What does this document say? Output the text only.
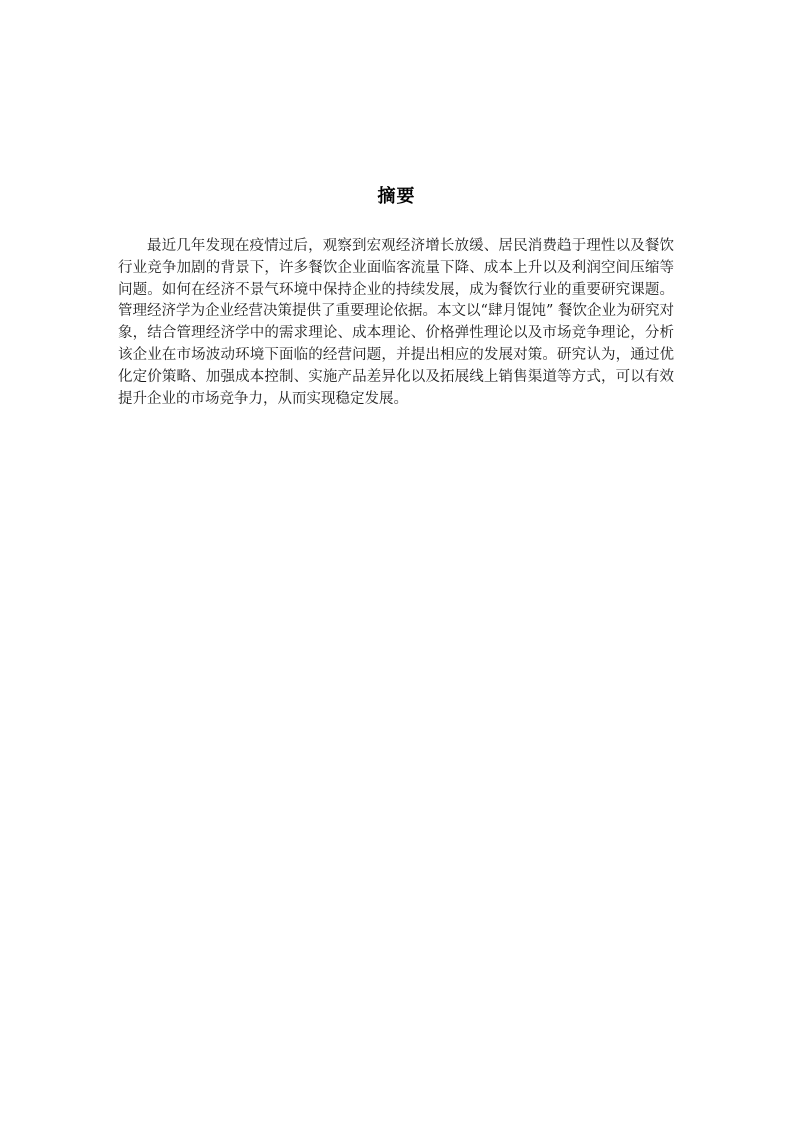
摘要

最近几年发现在疫情过后，观察到宏观经济增长放缓、居民消费趋于理性以及餐饮行业竞争加剧的背景下，许多餐饮企业面临客流量下降、成本上升以及利润空间压缩等问题。如何在经济不景气环境中保持企业的持续发展，成为餐饮行业的重要研究课题。管理经济学为企业经营决策提供了重要理论依据。本文以“肆月馄饨” 餐饮企业为研究对象，结合管理经济学中的需求理论、成本理论、价格弹性理论以及市场竞争理论，分析该企业在市场波动环境下面临的经营问题，并提出相应的发展对策。研究认为，通过优化定价策略、加强成本控制、实施产品差异化以及拓展线上销售渠道等方式，可以有效提升企业的市场竞争力，从而实现稳定发展。
